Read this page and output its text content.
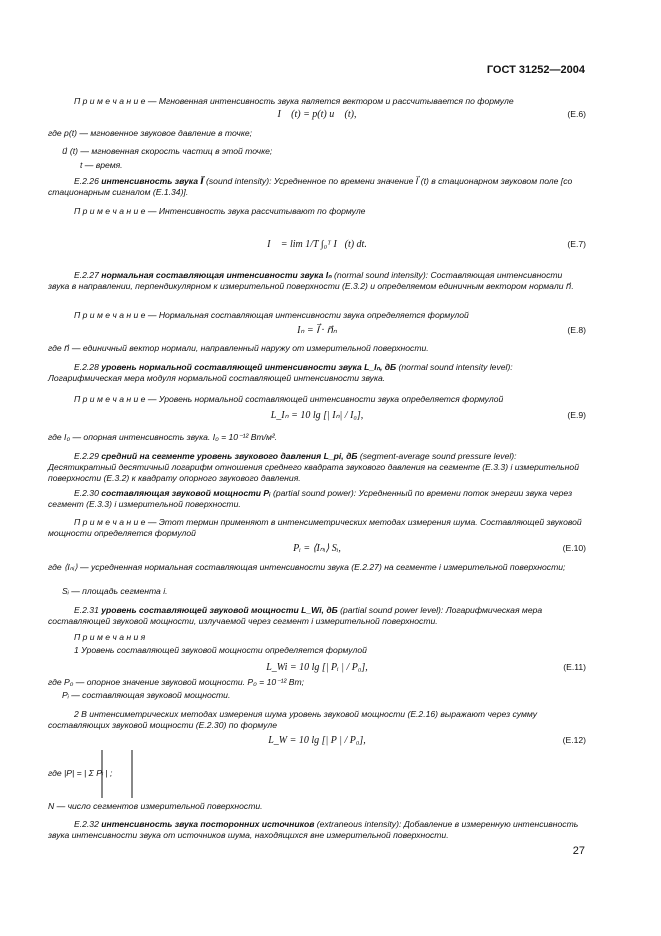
ГОСТ 31252—2004
П р и м е ч а н и е — Мгновенная интенсивность звука является вектором и рассчитывается по формуле
I⃗ (t) = p(t) u⃗ (t),	(E.6)
где p(t) — мгновенное звуковое давление в точке;
u⃗ (t) — мгновенная скорость частиц в этой точке;
t — время.
Е.2.26 интенсивность звука I⃗ (sound intensity): Усредненное по времени значение I⃗ (t) в стационарном звуковом поле [со стационарным сигналом (Е.1.34)].
П р и м е ч а н и е — Интенсивность звука рассчитывают по формуле
I⃗ = lim 1/T ∫₀ᵀ I⃗(t) dt.	(Е.7)
Е.2.27 нормальная составляющая интенсивности звука Iₙ (normal sound intensity): Составляющая интенсивности звука в направлении, перпендикулярном к измерительной поверхности (Е.3.2) и определяемом единичным вектором нормали n⃗.
П р и м е ч а н и е — Нормальная составляющая интенсивности звука определяется формулой
Iₙ = I⃗ · n⃗ₙ	(Е.8)
где n⃗ — единичный вектор нормали, направленный наружу от измерительной поверхности.
Е.2.28 уровень нормальной составляющей интенсивности звука L_Iₙ, дБ (normal sound intensity level): Логарифмическая мера модуля нормальной составляющей интенсивности звука.
П р и м е ч а н и е — Уровень нормальной составляющей интенсивности звука определяется формулой
L_Iₙ = 10 lg [| Iₙ| / I₀],	(Е.9)
где I₀ — опорная интенсивность звука. I₀ = 10⁻¹² Вт/м².
Е.2.29 средний на сегменте уровень звукового давления L_pi, дБ (segment-average sound pressure level): Десятикратный десятичный логарифм отношения среднего квадрата звукового давления на сегменте (Е.3.3) i измерительной поверхности (Е.3.2) к квадрату опорного звукового давления.
Е.2.30 составляющая звуковой мощности Pᵢ (partial sound power): Усредненный по времени поток энергии звука через сегмент (Е.3.3) i измерительной поверхности.
П р и м е ч а н и е — Этот термин применяют в интенсиметрических методах измерения шума. Составляющей звуковой мощности определяется формулой
Pᵢ = ⟨Iₙᵢ⟩ Sᵢ,	(Е.10)
где ⟨Iₙᵢ⟩ — усредненная нормальная составляющая интенсивности звука (Е.2.27) на сегменте i измерительной поверхности;
Sᵢ — площадь сегмента i.
Е.2.31 уровень составляющей звуковой мощности L_Wi, дБ (partial sound power level): Логарифмическая мера составляющей звуковой мощности, излучаемой через сегмент i измерительной поверхности.
П р и м е ч а н и я
1 Уровень составляющей звуковой мощности определяется формулой
L_Wi = 10 lg [| Pᵢ | / P₀],	(Е.11)
где P₀ — опорное значение звуковой мощности. P₀ = 10⁻¹² Вт;
Pᵢ — составляющая звуковой мощности.
2 В интенсиметрических методах измерения шума уровень звуковой мощности (Е.2.16) выражают через сумму составляющих звуковой мощности (Е.2.30) по формуле
L_W = 10 lg [| P | / P₀],	(Е.12)
где |P| = | Σ Pᵢ | ;
N — число сегментов измерительной поверхности.
Е.2.32 интенсивность звука посторонних источников (extraneous intensity): Добавление в измеренную интенсивность звука интенсивности звука от источников шума, находящихся вне измерительной поверхности.
27
